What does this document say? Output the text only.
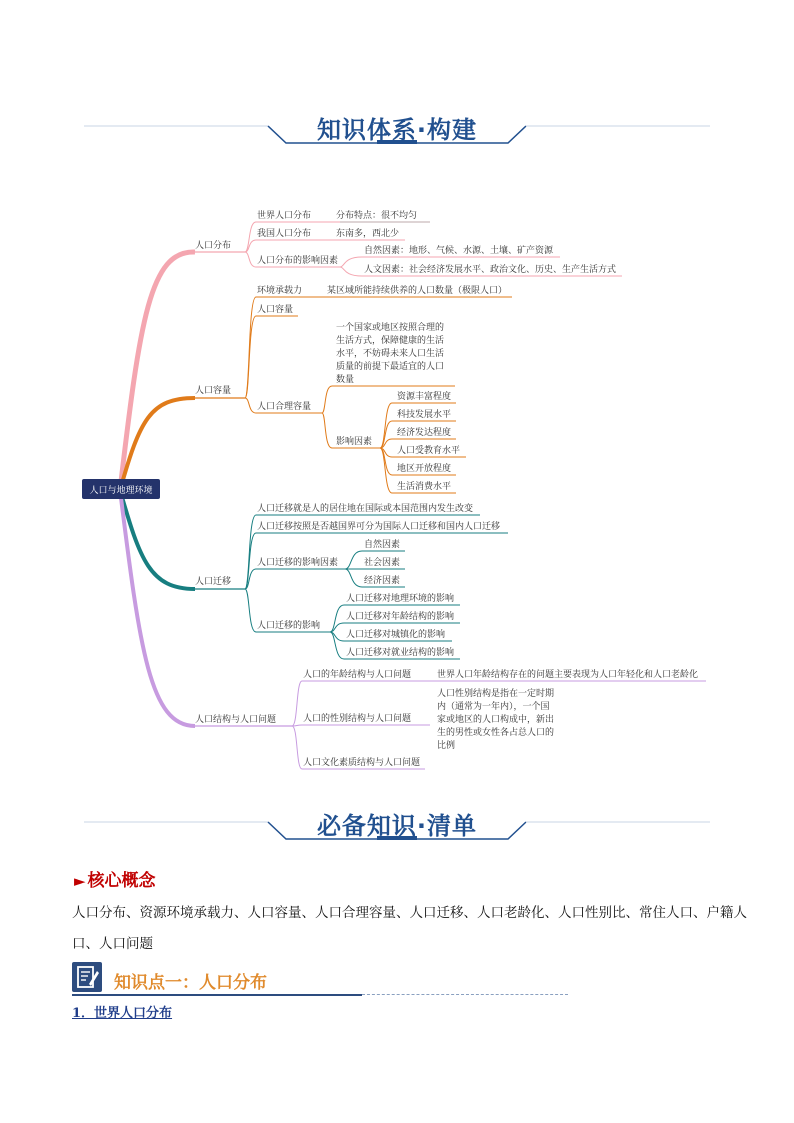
知识体系·构建
人口与地理环境
人口分布
世界人口分布	分布特点：很不均匀
我国人口分布	东南多，西北少
人口分布的影响因素
自然因素：地形、气候、水源、土壤、矿产资源
人文因素：社会经济发展水平、政治文化、历史、生产生活方式
人口容量
环境承载力	某区域所能持续供养的人口数量（极限人口）
人口容量
人口合理容量
一个国家或地区按照合理的
生活方式，保障健康的生活
水平，不妨碍未来人口生活
质量的前提下最适宜的人口
数量
影响因素
资源丰富程度
科技发展水平
经济发达程度
人口受教育水平
地区开放程度
生活消费水平
人口迁移
人口迁移就是人的居住地在国际或本国范围内发生改变
人口迁移按照是否越国界可分为国际人口迁移和国内人口迁移
人口迁移的影响因素
自然因素
社会因素
经济因素
人口迁移的影响
人口迁移对地理环境的影响
人口迁移对年龄结构的影响
人口迁移对城镇化的影响
人口迁移对就业结构的影响
人口结构与人口问题
人口的年龄结构与人口问题	世界人口年龄结构存在的问题主要表现为人口年轻化和人口老龄化
人口的性别结构与人口问题
人口性别结构是指在一定时期
内（通常为一年内），一个国
家或地区的人口构成中，新出
生的男性或女性各占总人口的
比例
人口文化素质结构与人口问题
必备知识·清单
► 核心概念
人口分布、资源环境承载力、人口容量、人口合理容量、人口迁移、人口老龄化、人口性别比、常住人口、户籍人口、人口问题
知识点一：人口分布
1．世界人口分布
